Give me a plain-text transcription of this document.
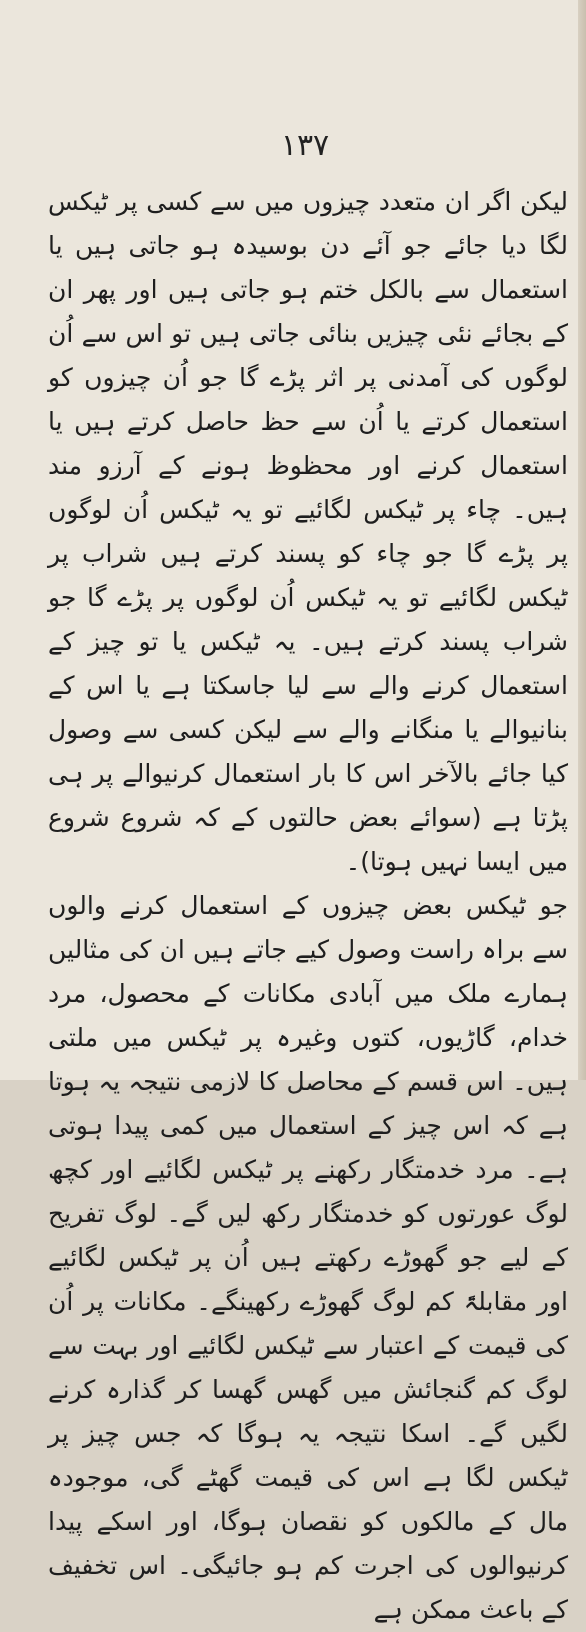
۱۳۷

لیکن اگر ان متعدد چیزوں میں سے کسی پر ٹیکس لگا دیا جائے جو آئے دن بوسیدہ ہو جاتی ہیں یا استعمال سے بالکل ختم ہو جاتی ہیں اور پھر ان کے بجائے نئی چیزیں بنائی جاتی ہیں تو اس سے اُن لوگوں کی آمدنی پر اثر پڑے گا جو اُن چیزوں کو استعمال کرتے یا اُن سے حظ حاصل کرتے ہیں یا استعمال کرنے اور محظوظ ہونے کے آرزو مند ہیں۔ چاء پر ٹیکس لگائیے تو یہ ٹیکس اُن لوگوں پر پڑے گا جو چاء کو پسند کرتے ہیں شراب پر ٹیکس لگائیے تو یہ ٹیکس اُن لوگوں پر پڑے گا جو شراب پسند کرتے ہیں۔ یہ ٹیکس یا تو چیز کے استعمال کرنے والے سے لیا جاسکتا ہے یا اس کے بنانیوالے یا منگانے والے سے لیکن کسی سے وصول کیا جائے بالآخر اس کا بار استعمال کرنیوالے پر ہی پڑتا ہے (سوائے بعض حالتوں کے کہ شروع شروع میں ایسا نہیں ہوتا)۔

جو ٹیکس بعض چیزوں کے استعمال کرنے والوں سے براہ راست وصول کیے جاتے ہیں ان کی مثالیں ہمارے ملک میں آبادی مکانات کے محصول، مرد خدام، گاڑیوں، کتوں وغیرہ پر ٹیکس میں ملتی ہیں۔ اس قسم کے محاصل کا لازمی نتیجہ یہ ہوتا ہے کہ اس چیز کے استعمال میں کمی پیدا ہوتی ہے۔ مرد خدمتگار رکھنے پر ٹیکس لگائیے اور کچھ لوگ عورتوں کو خدمتگار رکھ لیں گے۔ لوگ تفریح کے لیے جو گھوڑے رکھتے ہیں اُن پر ٹیکس لگائیے اور مقابلۃً کم لوگ گھوڑے رکھینگے۔ مکانات پر اُن کی قیمت کے اعتبار سے ٹیکس لگائیے اور بہت سے لوگ کم گنجائش میں گھس گھسا کر گذارہ کرنے لگیں گے۔ اسکا نتیجہ یہ ہوگا کہ جس چیز پر ٹیکس لگا ہے اس کی قیمت گھٹے گی، موجودہ مال کے مالکوں کو نقصان ہوگا، اور اسکے پیدا کرنیوالوں کی اجرت کم ہو جائیگی۔ اس تخفیف کے باعث ممکن ہے
